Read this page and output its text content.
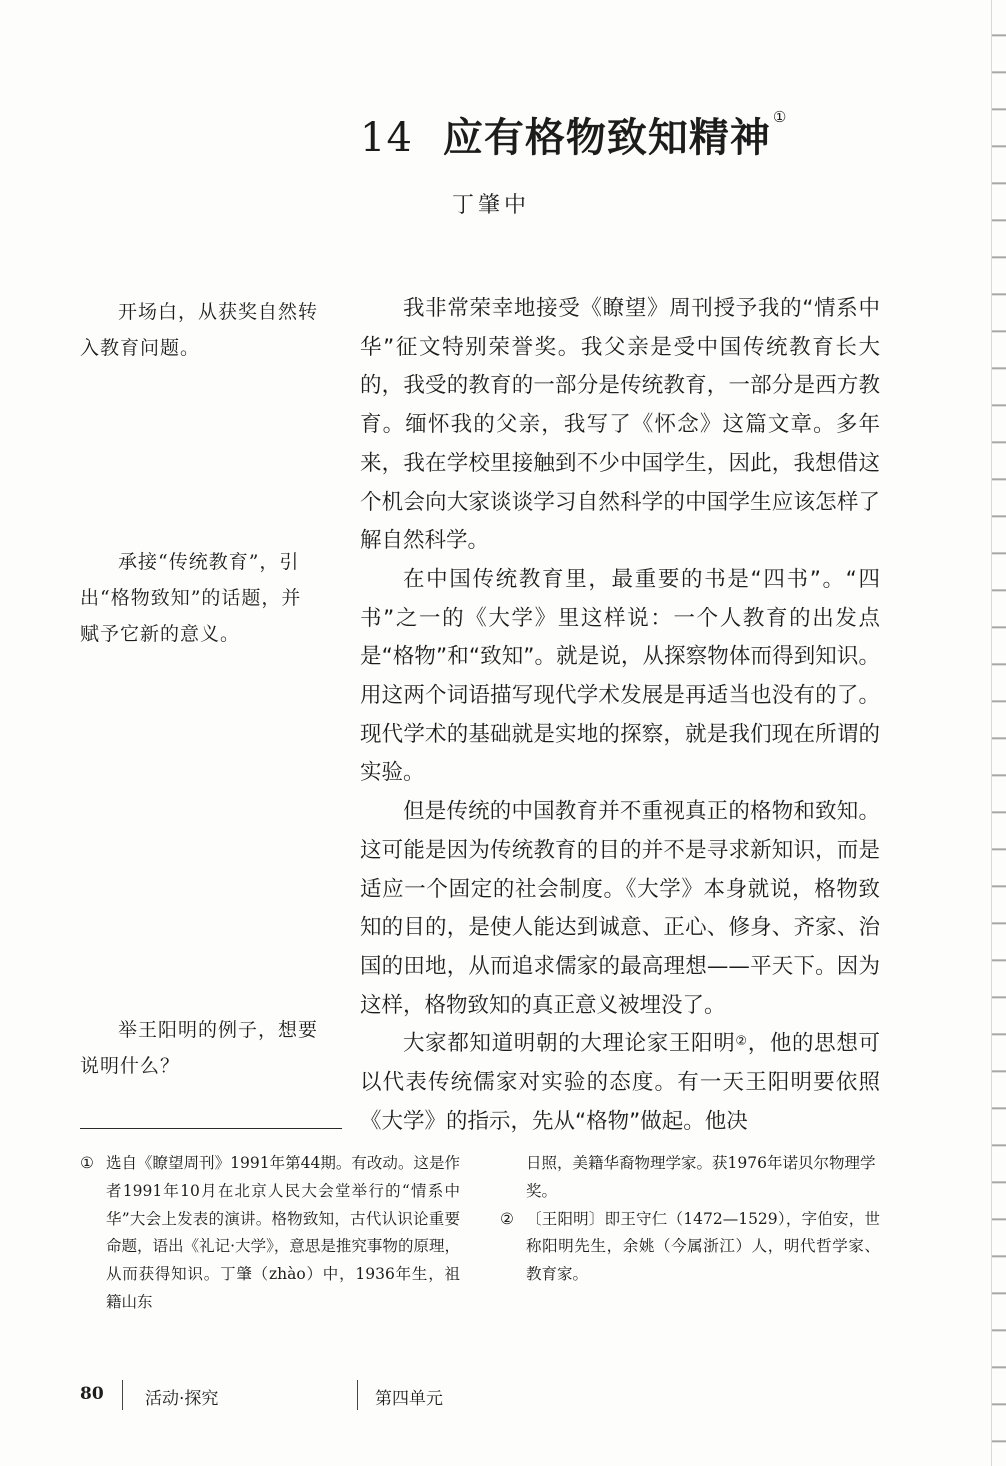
14 应有格物致知精神 ①
丁肇中

开场白，从获奖自然转入教育问题。

承接“传统教育”，引出“格物致知”的话题，并赋予它新的意义。

举王阳明的例子，想要说明什么？

我非常荣幸地接受《瞭望》周刊授予我的“情系中华”征文特别荣誉奖。我父亲是受中国传统教育长大的，我受的教育的一部分是传统教育，一部分是西方教育。缅怀我的父亲，我写了《怀念》这篇文章。多年来，我在学校里接触到不少中国学生，因此，我想借这个机会向大家谈谈学习自然科学的中国学生应该怎样了解自然科学。

在中国传统教育里，最重要的书是“四书”。“四书”之一的《大学》里这样说：一个人教育的出发点是“格物”和“致知”。就是说，从探察物体而得到知识。用这两个词语描写现代学术发展是再适当也没有的了。现代学术的基础就是实地的探察，就是我们现在所谓的实验。

但是传统的中国教育并不重视真正的格物和致知。这可能是因为传统教育的目的并不是寻求新知识，而是适应一个固定的社会制度。《大学》本身就说，格物致知的目的，是使人能达到诚意、正心、修身、齐家、治国的田地，从而追求儒家的最高理想——平天下。因为这样，格物致知的真正意义被埋没了。

大家都知道明朝的大理论家王阳明②，他的思想可以代表传统儒家对实验的态度。有一天王阳明要依照《大学》的指示，先从“格物”做起。他决

① 选自《瞭望周刊》1991年第44期。有改动。这是作者1991年10月在北京人民大会堂举行的“情系中华”大会上发表的演讲。格物致知，古代认识论重要命题，语出《礼记·大学》，意思是推究事物的原理，从而获得知识。丁肇（zhào）中，1936年生，祖籍山东

日照，美籍华裔物理学家。获1976年诺贝尔物理学奖。

② 〔王阳明〕即王守仁（1472—1529），字伯安，世称阳明先生，余姚（今属浙江）人，明代哲学家、教育家。

80 活动·探究	第四单元
